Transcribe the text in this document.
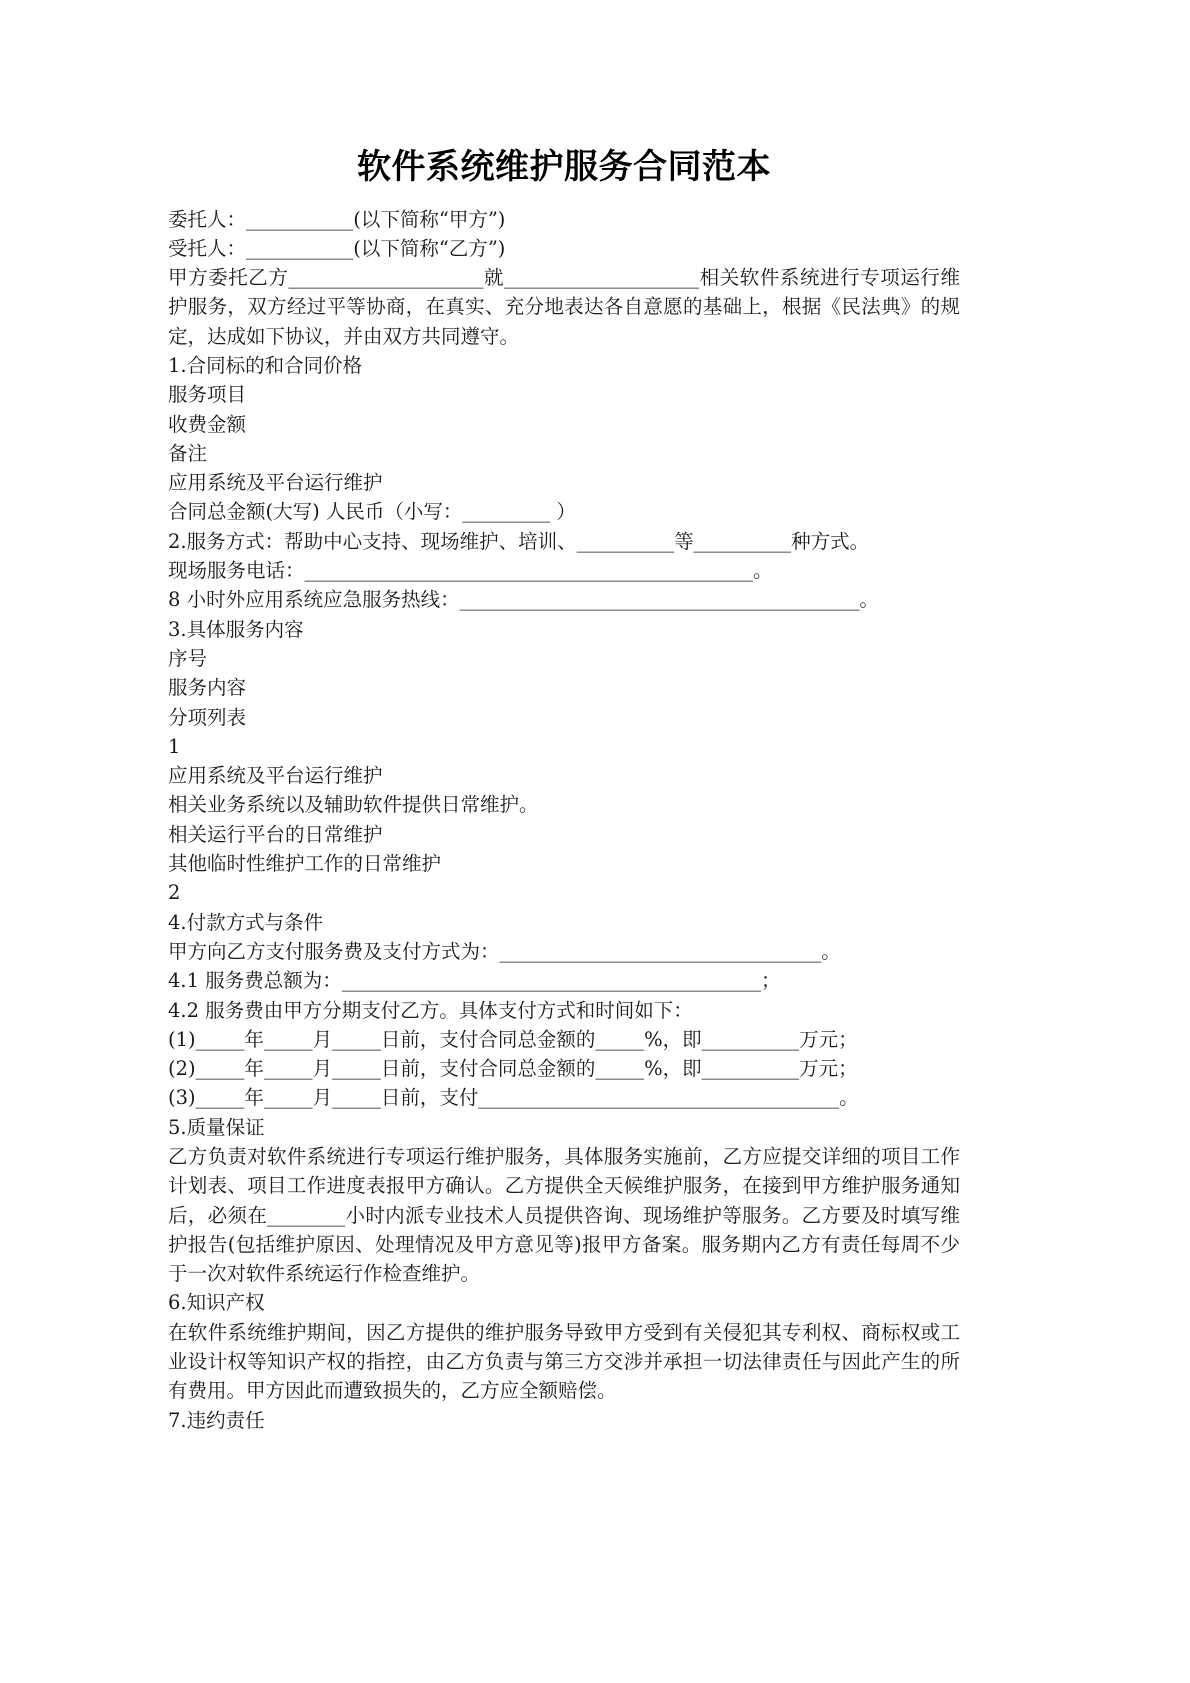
软件系统维护服务合同范本

委托人：___________(以下简称“甲方”)

受托人：___________(以下简称“乙方”)

甲方委托乙方____________________就____________________相关软件系统进行专项运行维护服务，双方经过平等协商，在真实、充分地表达各自意愿的基础上，根据《民法典》的规定，达成如下协议，并由双方共同遵守。

1.合同标的和合同价格

服务项目

收费金额

备注

应用系统及平台运行维护

合同总金额(大写) 人民币（小写：_________ ）

2.服务方式：帮助中心支持、现场维护、培训、__________等__________种方式。

现场服务电话：______________________________________________。

8 小时外应用系统应急服务热线：_________________________________________。

3.具体服务内容

序号

服务内容

分项列表

1

应用系统及平台运行维护

相关业务系统以及辅助软件提供日常维护。

相关运行平台的日常维护

其他临时性维护工作的日常维护

2

4.付款方式与条件

甲方向乙方支付服务费及支付方式为：_________________________________。

4.1 服务费总额为：___________________________________________；

4.2 服务费由甲方分期支付乙方。具体支付方式和时间如下：

(1)_____年_____月_____日前，支付合同总金额的_____%，即__________万元；

(2)_____年_____月_____日前，支付合同总金额的_____%，即__________万元；

(3)_____年_____月_____日前，支付_____________________________________。

5.质量保证

乙方负责对软件系统进行专项运行维护服务，具体服务实施前，乙方应提交详细的项目工作计划表、项目工作进度表报甲方确认。乙方提供全天候维护服务，在接到甲方维护服务通知后，必须在________小时内派专业技术人员提供咨询、现场维护等服务。乙方要及时填写维护报告(包括维护原因、处理情况及甲方意见等)报甲方备案。服务期内乙方有责任每周不少于一次对软件系统运行作检查维护。

6.知识产权

在软件系统维护期间，因乙方提供的维护服务导致甲方受到有关侵犯其专利权、商标权或工业设计权等知识产权的指控，由乙方负责与第三方交涉并承担一切法律责任与因此产生的所有费用。甲方因此而遭致损失的，乙方应全额赔偿。

7.违约责任
